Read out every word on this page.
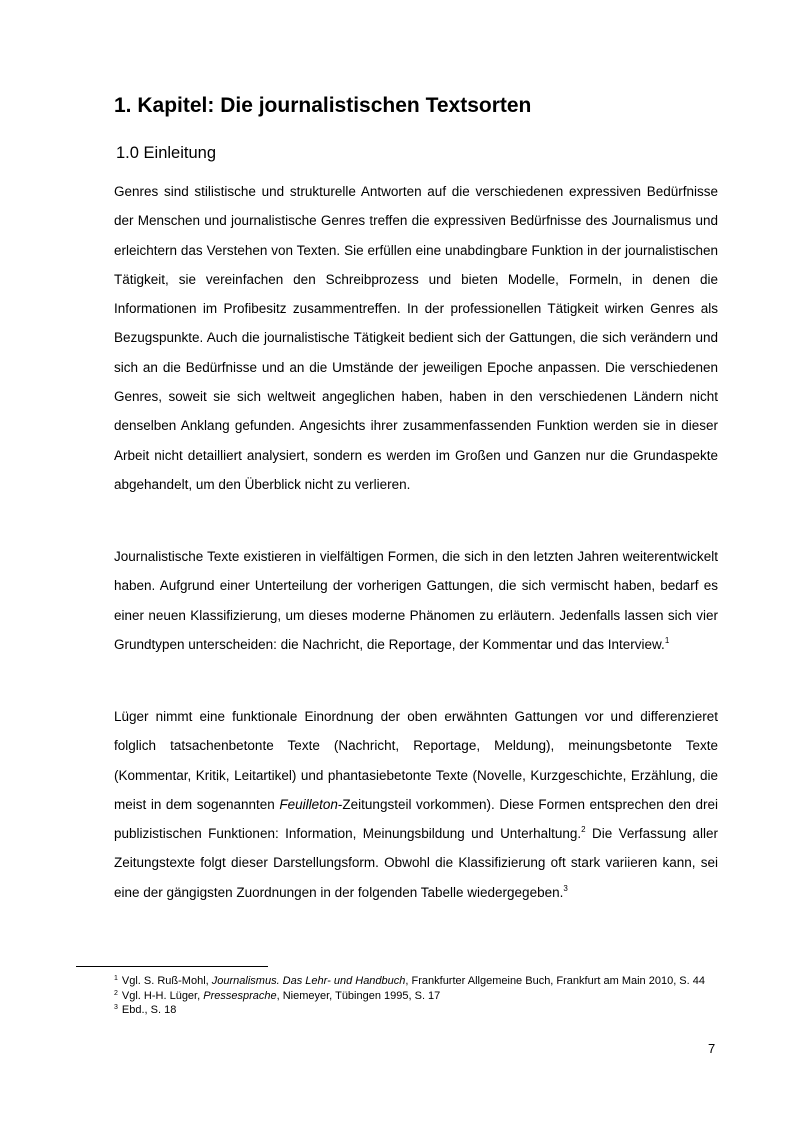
1. Kapitel: Die journalistischen Textsorten
1.0 Einleitung

Genres sind stilistische und strukturelle Antworten auf die verschiedenen expressiven Bedürfnisse der Menschen und journalistische Genres treffen die expressiven Bedürfnisse des Journalismus und erleichtern das Verstehen von Texten. Sie erfüllen eine unabdingbare Funktion in der journalistischen Tätigkeit, sie vereinfachen den Schreibprozess und bieten Modelle, Formeln, in denen die Informationen im Profibesitz zusammentreffen. In der professionellen Tätigkeit wirken Genres als Bezugspunkte. Auch die journalistische Tätigkeit bedient sich der Gattungen, die sich verändern und sich an die Bedürfnisse und an die Umstände der jeweiligen Epoche anpassen. Die verschiedenen Genres, soweit sie sich weltweit angeglichen haben, haben in den verschiedenen Ländern nicht denselben Anklang gefunden. Angesichts ihrer zusammenfassenden Funktion werden sie in dieser Arbeit nicht detailliert analysiert, sondern es werden im Großen und Ganzen nur die Grundaspekte abgehandelt, um den Überblick nicht zu verlieren.

Journalistische Texte existieren in vielfältigen Formen, die sich in den letzten Jahren weiterentwickelt haben. Aufgrund einer Unterteilung der vorherigen Gattungen, die sich vermischt haben, bedarf es einer neuen Klassifizierung, um dieses moderne Phänomen zu erläutern. Jedenfalls lassen sich vier Grundtypen unterscheiden: die Nachricht, die Reportage, der Kommentar und das Interview.$^1$

Lüger nimmt eine funktionale Einordnung der oben erwähnten Gattungen vor und differenzieret folglich tatsachenbetonte Texte (Nachricht, Reportage, Meldung), meinungsbetonte Texte (Kommentar, Kritik, Leitartikel) und phantasiebetonte Texte (Novelle, Kurzgeschichte, Erzählung, die meist in dem sogenannten Feuilleton-Zeitungsteil vorkommen). Diese Formen entsprechen den drei publizistischen Funktionen: Information, Meinungsbildung und Unterhaltung.$^2$ Die Verfassung aller Zeitungstexte folgt dieser Darstellungsform. Obwohl die Klassifizierung oft stark variieren kann, sei eine der gängigsten Zuordnungen in der folgenden Tabelle wiedergegeben.$^3$

$^1$ Vgl. S. Ruß-Mohl, Journalismus. Das Lehr- und Handbuch, Frankfurter Allgemeine Buch, Frankfurt am Main 2010, S. 44

$^2$ Vgl. H-H. Lüger, Pressesprache, Niemeyer, Tübingen 1995, S. 17

$^3$ Ebd., S. 18

7
